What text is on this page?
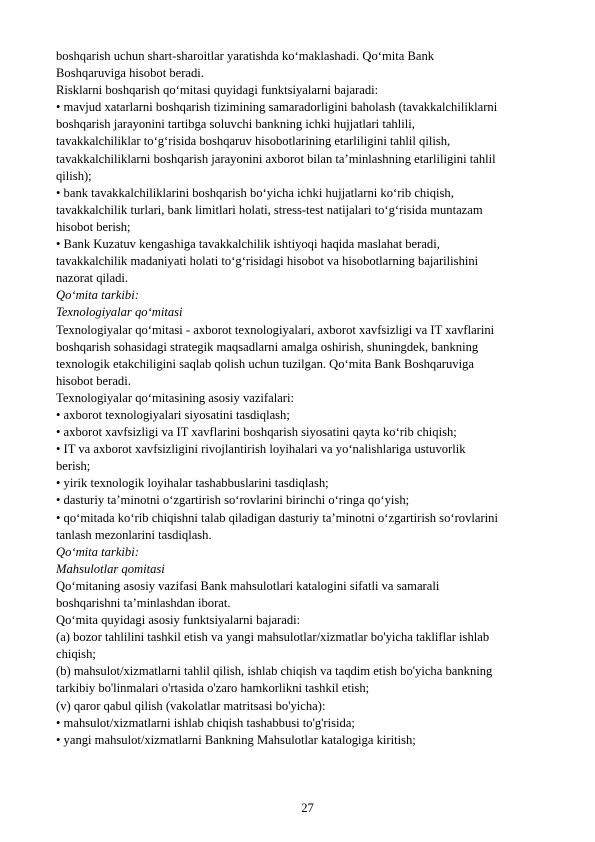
boshqarish uchun shart-sharoitlar yaratishda ko‘maklashadi. Qo‘mita Bank
Boshqaruviga hisobot beradi.
Risklarni boshqarish qo‘mitasi quyidagi funktsiyalarni bajaradi:
• mavjud xatarlarni boshqarish tizimining samaradorligini baholash (tavakkalchiliklarni
boshqarish jarayonini tartibga soluvchi bankning ichki hujjatlari tahlili,
tavakkalchiliklar to‘g‘risida boshqaruv hisobotlarining etarliligini tahlil qilish,
tavakkalchiliklarni boshqarish jarayonini axborot bilan ta’minlashning etarliligini tahlil
qilish);
• bank tavakkalchiliklarini boshqarish bo‘yicha ichki hujjatlarni ko‘rib chiqish,
tavakkalchilik turlari, bank limitlari holati, stress-test natijalari to‘g‘risida muntazam
hisobot berish;
• Bank Kuzatuv kengashiga tavakkalchilik ishtiyoqi haqida maslahat beradi,
tavakkalchilik madaniyati holati to‘g‘risidagi hisobot va hisobotlarning bajarilishini
nazorat qiladi.
Qo‘mita tarkibi:
Texnologiyalar qo‘mitasi
Texnologiyalar qo‘mitasi - axborot texnologiyalari, axborot xavfsizligi va IT xavflarini
boshqarish sohasidagi strategik maqsadlarni amalga oshirish, shuningdek, bankning
texnologik etakchiligini saqlab qolish uchun tuzilgan. Qo‘mita Bank Boshqaruviga
hisobot beradi.
Texnologiyalar qo‘mitasining asosiy vazifalari:
• axborot texnologiyalari siyosatini tasdiqlash;
• axborot xavfsizligi va IT xavflarini boshqarish siyosatini qayta ko‘rib chiqish;
• IT va axborot xavfsizligini rivojlantirish loyihalari va yo‘nalishlariga ustuvorlik
berish;
• yirik texnologik loyihalar tashabbuslarini tasdiqlash;
• dasturiy ta’minotni o‘zgartirish so‘rovlarini birinchi o‘ringa qo‘yish;
• qo‘mitada ko‘rib chiqishni talab qiladigan dasturiy ta’minotni o‘zgartirish so‘rovlarini
tanlash mezonlarini tasdiqlash.
Qo‘mita tarkibi:
Mahsulotlar qomitasi
Qo‘mitaning asosiy vazifasi Bank mahsulotlari katalogini sifatli va samarali
boshqarishni ta’minlashdan iborat.
Qo‘mita quyidagi asosiy funktsiyalarni bajaradi:
(a) bozor tahlilini tashkil etish va yangi mahsulotlar/xizmatlar bo'yicha takliflar ishlab
chiqish;
(b) mahsulot/xizmatlarni tahlil qilish, ishlab chiqish va taqdim etish bo'yicha bankning
tarkibiy bo'linmalari o'rtasida o'zaro hamkorlikni tashkil etish;
(v) qaror qabul qilish (vakolatlar matritsasi bo'yicha):
• mahsulot/xizmatlarni ishlab chiqish tashabbusi to'g'risida;
• yangi mahsulot/xizmatlarni Bankning Mahsulotlar katalogiga kiritish;
27
